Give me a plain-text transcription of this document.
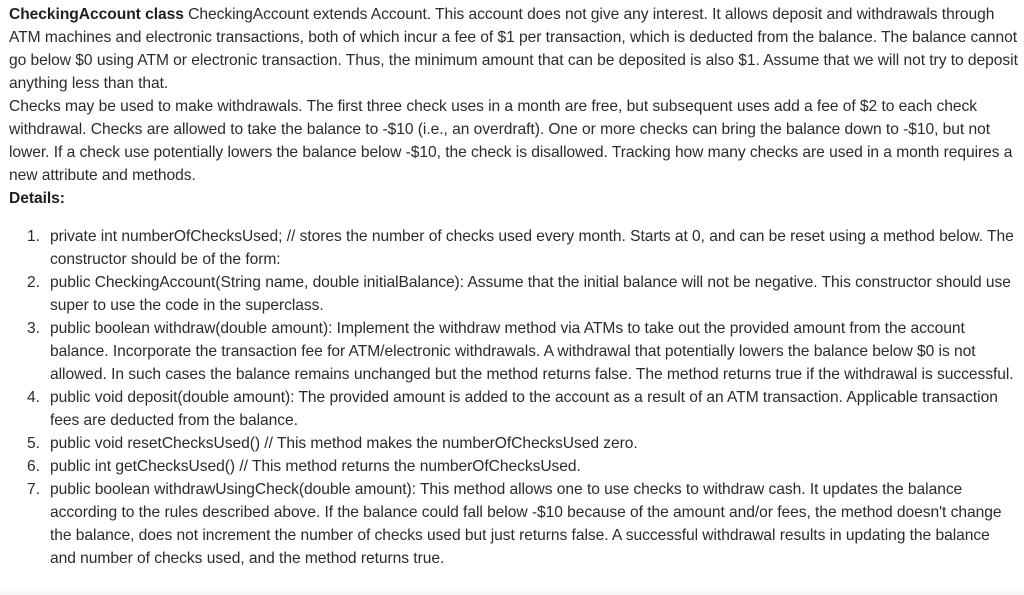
CheckingAccount class CheckingAccount extends Account. This account does not give any interest. It allows deposit and withdrawals through ATM machines and electronic transactions, both of which incur a fee of $1 per transaction, which is deducted from the balance. The balance cannot go below $0 using ATM or electronic transaction. Thus, the minimum amount that can be deposited is also $1. Assume that we will not try to deposit anything less than that.

Checks may be used to make withdrawals. The first three check uses in a month are free, but subsequent uses add a fee of $2 to each check withdrawal. Checks are allowed to take the balance to -$10 (i.e., an overdraft). One or more checks can bring the balance down to -$10, but not lower. If a check use potentially lowers the balance below -$10, the check is disallowed. Tracking how many checks are used in a month requires a new attribute and methods.

Details:

1. private int numberOfChecksUsed; // stores the number of checks used every month. Starts at 0, and can be reset using a method below. The constructor should be of the form:
2. public CheckingAccount(String name, double initialBalance): Assume that the initial balance will not be negative. This constructor should use super to use the code in the superclass.
3. public boolean withdraw(double amount): Implement the withdraw method via ATMs to take out the provided amount from the account balance. Incorporate the transaction fee for ATM/electronic withdrawals. A withdrawal that potentially lowers the balance below $0 is not allowed. In such cases the balance remains unchanged but the method returns false. The method returns true if the withdrawal is successful.
4. public void deposit(double amount): The provided amount is added to the account as a result of an ATM transaction. Applicable transaction fees are deducted from the balance.
5. public void resetChecksUsed() // This method makes the numberOfChecksUsed zero.
6. public int getChecksUsed() // This method returns the numberOfChecksUsed.
7. public boolean withdrawUsingCheck(double amount): This method allows one to use checks to withdraw cash. It updates the balance according to the rules described above. If the balance could fall below -$10 because of the amount and/or fees, the method doesn't change the balance, does not increment the number of checks used but just returns false. A successful withdrawal results in updating the balance and number of checks used, and the method returns true.
